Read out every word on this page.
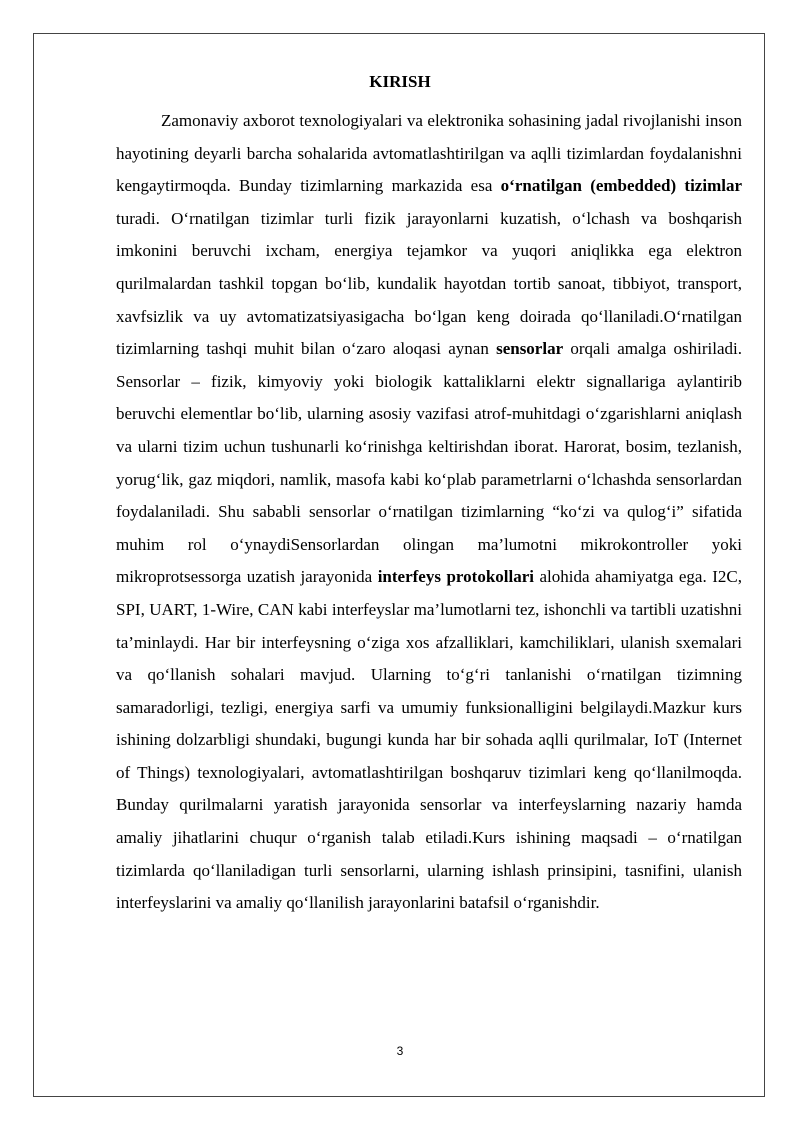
KIRISH

Zamonaviy axborot texnologiyalari va elektronika sohasining jadal rivojlanishi inson hayotining deyarli barcha sohalarida avtomatlashtirilgan va aqlli tizimlardan foydalanishni kengaytirmoqda. Bunday tizimlarning markazida esa o‘rnatilgan (embedded) tizimlar turadi. O‘rnatilgan tizimlar turli fizik jarayonlarni kuzatish, o‘lchash va boshqarish imkonini beruvchi ixcham, energiya tejamkor va yuqori aniqlikka ega elektron qurilmalardan tashkil topgan bo‘lib, kundalik hayotdan tortib sanoat, tibbiyot, transport, xavfsizlik va uy avtomatizatsiyasigacha bo‘lgan keng doirada qo‘llaniladi.O‘rnatilgan tizimlarning tashqi muhit bilan o‘zaro aloqasi aynan sensorlar orqali amalga oshiriladi. Sensorlar – fizik, kimyoviy yoki biologik kattaliklarni elektr signallariga aylantirib beruvchi elementlar bo‘lib, ularning asosiy vazifasi atrof-muhitdagi o‘zgarishlarni aniqlash va ularni tizim uchun tushunarli ko‘rinishga keltirishdan iborat. Harorat, bosim, tezlanish, yorug‘lik, gaz miqdori, namlik, masofa kabi ko‘plab parametrlarni o‘lchashda sensorlardan foydalaniladi. Shu sababli sensorlar o‘rnatilgan tizimlarning “ko‘zi va qulog‘i” sifatida muhim rol o‘ynaydiSensorlardan olingan ma’lumotni mikrokontroller yoki mikroprotsessorga uzatish jarayonida interfeys protokollari alohida ahamiyatga ega. I2C, SPI, UART, 1-Wire, CAN kabi interfeyslar ma’lumotlarni tez, ishonchli va tartibli uzatishni ta’minlaydi. Har bir interfeysning o‘ziga xos afzalliklari, kamchiliklari, ulanish sxemalari va qo‘llanish sohalari mavjud. Ularning to‘g‘ri tanlanishi o‘rnatilgan tizimning samaradorligi, tezligi, energiya sarfi va umumiy funksionalligini belgilaydi.Mazkur kurs ishining dolzarbligi shundaki, bugungi kunda har bir sohada aqlli qurilmalar, IoT (Internet of Things) texnologiyalari, avtomatlashtirilgan boshqaruv tizimlari keng qo‘llanilmoqda. Bunday qurilmalarni yaratish jarayonida sensorlar va interfeyslarning nazariy hamda amaliy jihatlarini chuqur o‘rganish talab etiladi.Kurs ishining maqsadi – o‘rnatilgan tizimlarda qo‘llaniladigan turli sensorlarni, ularning ishlash prinsipini, tasnifini, ulanish interfeyslarini va amaliy qo‘llanilish jarayonlarini batafsil o‘rganishdir.

3
